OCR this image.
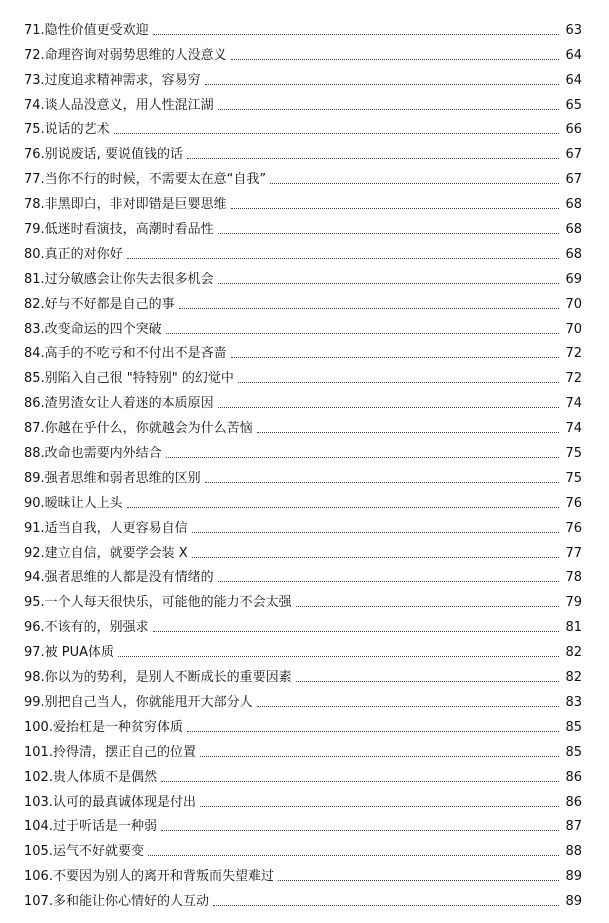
71.隐性价值更受欢迎	63
72.命理咨询对弱势思维的人没意义	64
73.过度追求精神需求，容易穷	64
74.谈人品没意义，用人性混江湖	65
75.说话的艺术	66
76.别说废话, 要说值钱的话	67
77.当你不行的时候，不需要太在意“自我”	67
78.非黑即白，非对即错是巨婴思维	68
79.低迷时看演技，高潮时看品性	68
80.真正的对你好	68
81.过分敏感会让你失去很多机会	69
82.好与不好都是自己的事	70
83.改变命运的四个突破	70
84.高手的不吃亏和不付出不是吝啬	72
85.别陷入自己很 "特特别" 的幻觉中	72
86.渣男渣女让人着迷的本质原因	74
87.你越在乎什么，你就越会为什么苦恼	74
88.改命也需要内外结合	75
89.强者思维和弱者思维的区别	75
90.暧昧让人上头	76
91.适当自我，人更容易自信	76
92.建立自信，就要学会装 X	77
94.强者思维的人都是没有情绪的	78
95.一个人每天很快乐，可能他的能力不会太强	79
96.不该有的，别强求	81
97.被 PUA体质	82
98.你以为的势利，是别人不断成长的重要因素	82
99.别把自己当人，你就能甩开大部分人	83
100.爱抬杠是一种贫穷体质	85
101.拎得清，摆正自己的位置	85
102.贵人体质不是偶然	86
103.认可的最真诚体现是付出	86
104.过于听话是一种弱	87
105.运气不好就要变	88
106.不要因为别人的离开和背叛而失望难过	89
107.多和能让你心情好的人互动	89
